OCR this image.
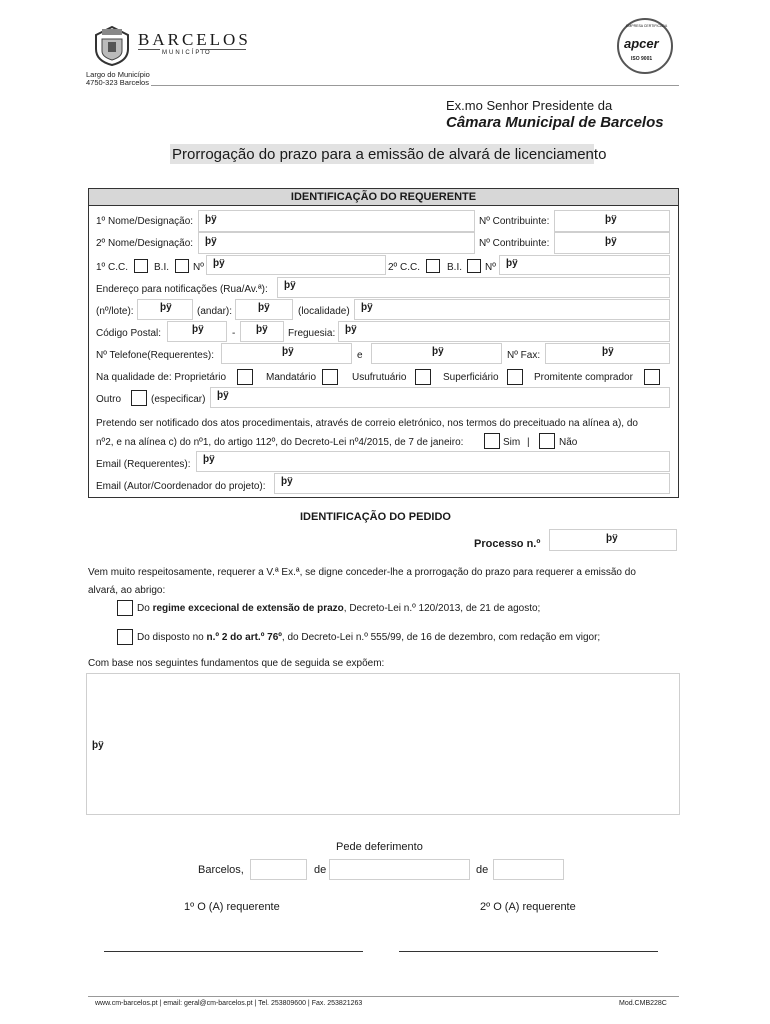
BARCELOS
MUNICÍPIO
Largo do Município
4750-323 Barcelos
apcer
ISO 9001
EMPRESA CERTIFICADA
Ex.mo Senhor Presidente da
Câmara Municipal de Barcelos
Prorrogação do prazo para a emissão de alvará de licenciamento
IDENTIFICAÇÃO DO REQUERENTE
1º Nome/Designação: þÿ	Nº Contribuinte:	þÿ
2º Nome/Designação: þÿ	Nº Contribuinte:	þÿ
1º C.C.	B.I. Nº þÿ	2º C.C.	B.I. Nº þÿ
Endereço para notificações (Rua/Av.ª): þÿ
(nº/lote):	þÿ	(andar):	þÿ	(localidade) þÿ
Código Postal:	þÿ	- þÿ Freguesia: þÿ
Nº Telefone(Requerentes):	þÿ	e	þÿ	Nº Fax:	þÿ
Na qualidade de: Proprietário	Mandatário	Usufrutuário	Superficiário	Promitente comprador
Outro	(especificar) þÿ
Pretendo ser notificado dos atos procedimentais, através de correio eletrónico, nos termos do preceituado na alínea a), do
nº2, e na alínea c) do nº1, do artigo 112º, do Decreto-Lei nº4/2015, de 7 de janeiro:	Sim |	Não
Email (Requerentes): þÿ
Email (Autor/Coordenador do projeto): þÿ
IDENTIFICAÇÃO DO PEDIDO
Processo n.º	þÿ
Vem muito respeitosamente, requerer a V.ª Ex.ª, se digne conceder-lhe a prorrogação do prazo para requerer a emissão do
alvará, ao abrigo:
Do regime excecional de extensão de prazo, Decreto-Lei n.º 120/2013, de 21 de agosto;
Do disposto no n.º 2 do art.º 76º, do Decreto-Lei n.º 555/99, de 16 de dezembro, com redação em vigor;
Com base nos seguintes fundamentos que de seguida se expõem:
þÿ
Pede deferimento
Barcelos,	de	de
1º O (A) requerente	2º O (A) requerente
www.cm-barcelos.pt | email: geral@cm-barcelos.pt | Tel. 253809600 | Fax. 253821263	Mod.CMB228C
